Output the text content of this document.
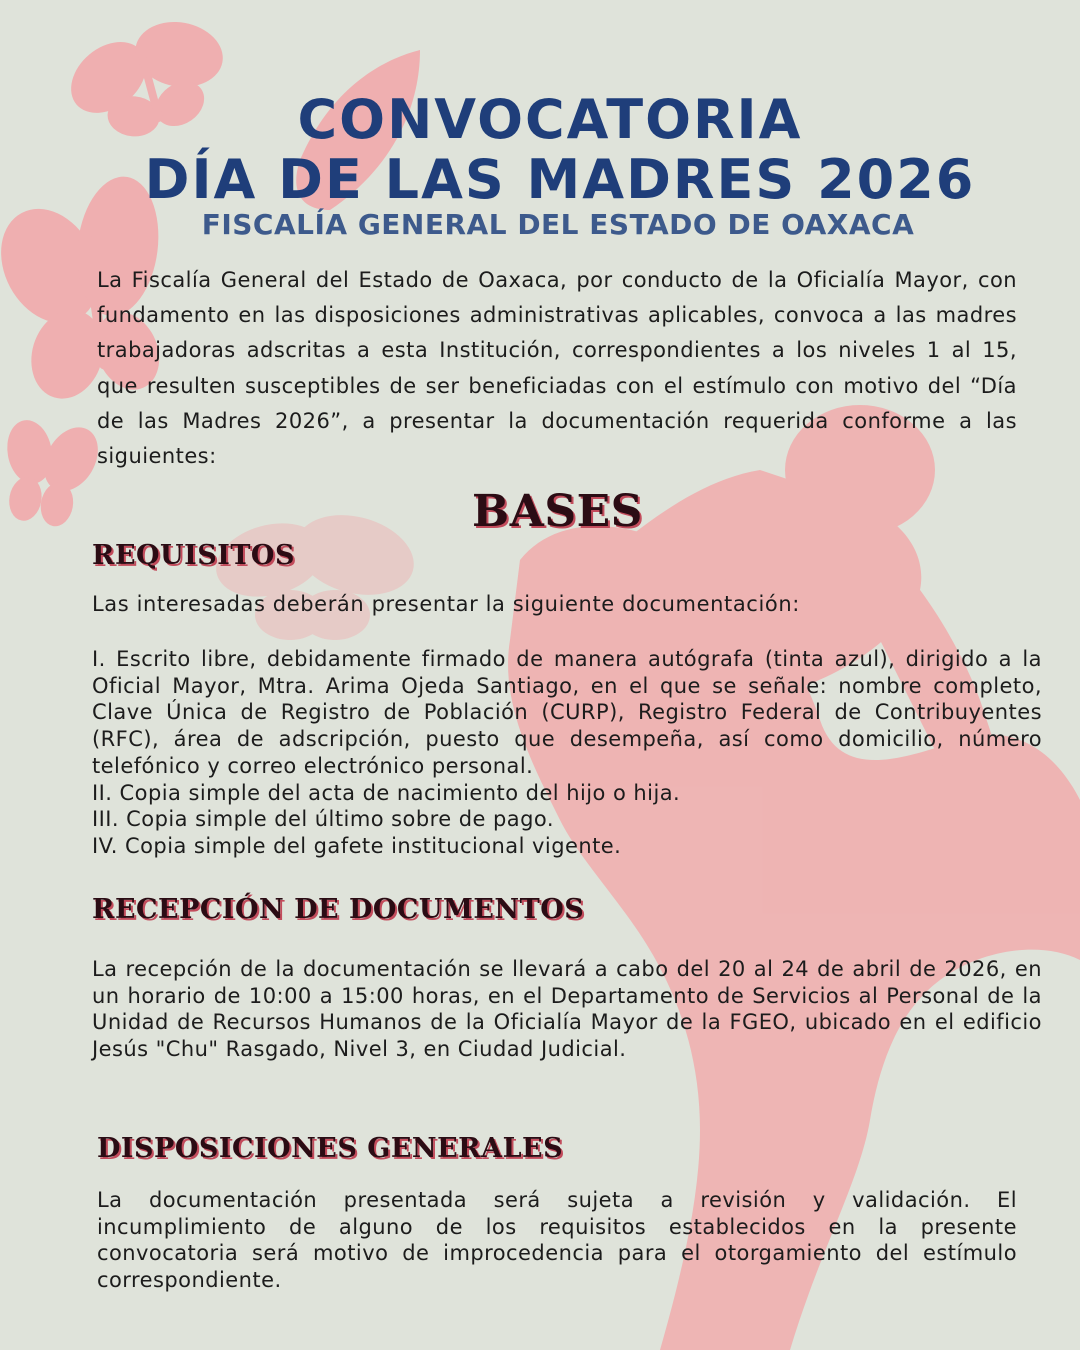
CONVOCATORIA
DÍA DE LAS MADRES 2026
FISCALÍA GENERAL DEL ESTADO DE OAXACA
La Fiscalía General del Estado de Oaxaca, por conducto de la Oficialía Mayor, con fundamento en las disposiciones administrativas aplicables, convoca a las madres trabajadoras adscritas a esta Institución, correspondientes a los niveles 1 al 15, que resulten susceptibles de ser beneficiadas con el estímulo con motivo del “Día de las Madres 2026”, a presentar la documentación requerida conforme a las siguientes:
BASES
REQUISITOS
Las interesadas deberán presentar la siguiente documentación:
I. Escrito libre, debidamente firmado de manera autógrafa (tinta azul), dirigido a la Oficial Mayor, Mtra. Arima Ojeda Santiago, en el que se señale: nombre completo, Clave Única de Registro de Población (CURP), Registro Federal de Contribuyentes (RFC), área de adscripción, puesto que desempeña, así como domicilio, número telefónico y correo electrónico personal.
II. Copia simple del acta de nacimiento del hijo o hija.
III. Copia simple del último sobre de pago.
IV. Copia simple del gafete institucional vigente.
RECEPCIÓN DE DOCUMENTOS
La recepción de la documentación se llevará a cabo del 20 al 24 de abril de 2026, en un horario de 10:00 a 15:00 horas, en el Departamento de Servicios al Personal de la Unidad de Recursos Humanos de la Oficialía Mayor de la FGEO, ubicado en el edificio Jesús "Chu" Rasgado, Nivel 3, en Ciudad Judicial.
DISPOSICIONES GENERALES
La documentación presentada será sujeta a revisión y validación. El incumplimiento de alguno de los requisitos establecidos en la presente convocatoria será motivo de improcedencia para el otorgamiento del estímulo correspondiente.
